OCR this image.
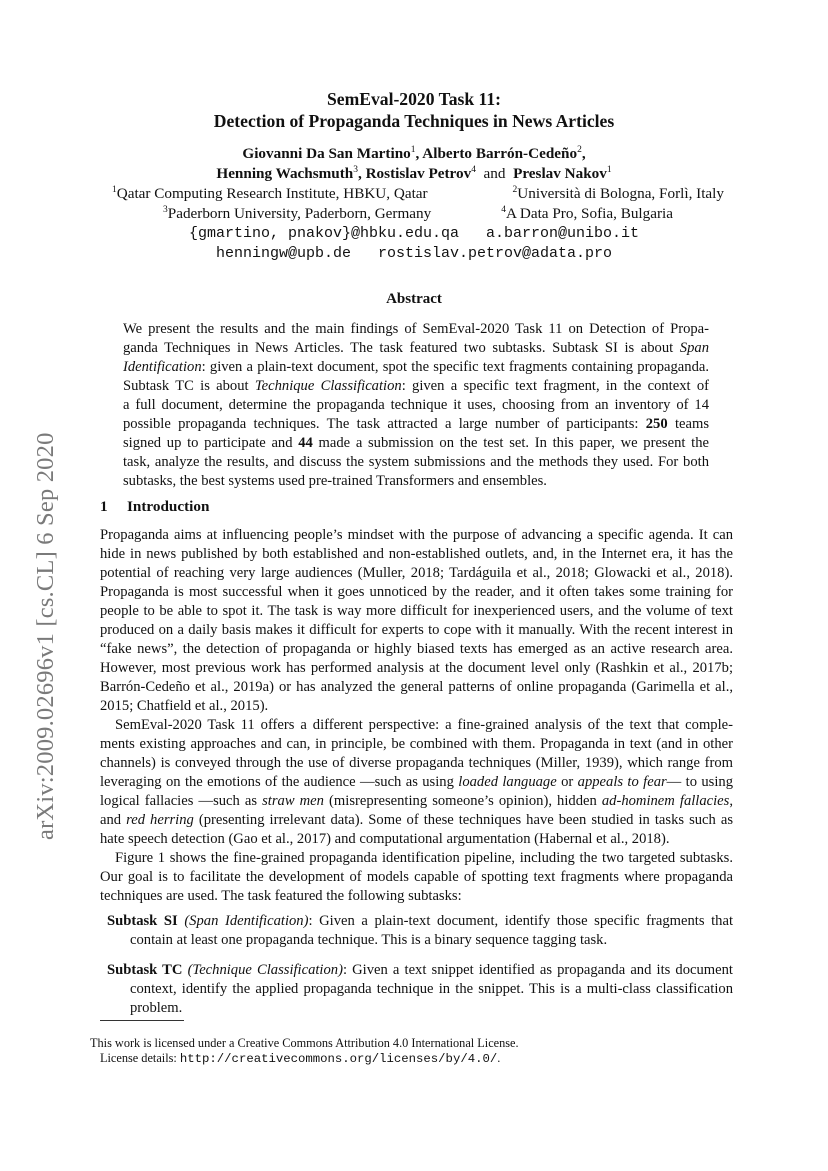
arXiv:2009.02696v1 [cs.CL] 6 Sep 2020
SemEval-2020 Task 11:
Detection of Propaganda Techniques in News Articles
Giovanni Da San Martino$^1$, Alberto Barrón-Cedeño$^2$,
Henning Wachsmuth$^3$, Rostislav Petrov$^4$ and Preslav Nakov$^1$
$^1$Qatar Computing Research Institute, HBKU, Qatar	$^2$Università di Bologna, Forlì, Italy
$^3$Paderborn University, Paderborn, Germany	$^4$A Data Pro, Sofia, Bulgaria
{gmartino, pnakov}@hbku.edu.qa   a.barron@unibo.it
henningw@upb.de   rostislav.petrov@adata.pro
Abstract
We present the results and the main findings of SemEval-2020 Task 11 on Detection of Propa-
ganda Techniques in News Articles. The task featured two subtasks. Subtask SI is about Span
Identification: given a plain-text document, spot the specific text fragments containing propaganda.
Subtask TC is about Technique Classification: given a specific text fragment, in the context of
a full document, determine the propaganda technique it uses, choosing from an inventory of 14
possible propaganda techniques. The task attracted a large number of participants: 250 teams
signed up to participate and 44 made a submission on the test set. In this paper, we present the
task, analyze the results, and discuss the system submissions and the methods they used. For both
subtasks, the best systems used pre-trained Transformers and ensembles.
1 Introduction
Propaganda aims at influencing people’s mindset with the purpose of advancing a specific agenda. It can
hide in news published by both established and non-established outlets, and, in the Internet era, it has the
potential of reaching very large audiences (Muller, 2018; Tardáguila et al., 2018; Glowacki et al., 2018).
Propaganda is most successful when it goes unnoticed by the reader, and it often takes some training for
people to be able to spot it. The task is way more difficult for inexperienced users, and the volume of text
produced on a daily basis makes it difficult for experts to cope with it manually. With the recent interest in
“fake news”, the detection of propaganda or highly biased texts has emerged as an active research area.
However, most previous work has performed analysis at the document level only (Rashkin et al., 2017b;
Barrón-Cedeño et al., 2019a) or has analyzed the general patterns of online propaganda (Garimella et al.,
2015; Chatfield et al., 2015).
SemEval-2020 Task 11 offers a different perspective: a fine-grained analysis of the text that comple-
ments existing approaches and can, in principle, be combined with them. Propaganda in text (and in other
channels) is conveyed through the use of diverse propaganda techniques (Miller, 1939), which range from
leveraging on the emotions of the audience —such as using loaded language or appeals to fear— to using
logical fallacies —such as straw men (misrepresenting someone’s opinion), hidden ad-hominem fallacies,
and red herring (presenting irrelevant data). Some of these techniques have been studied in tasks such as
hate speech detection (Gao et al., 2017) and computational argumentation (Habernal et al., 2018).
Figure 1 shows the fine-grained propaganda identification pipeline, including the two targeted subtasks.
Our goal is to facilitate the development of models capable of spotting text fragments where propaganda
techniques are used. The task featured the following subtasks:
Subtask SI (Span Identification): Given a plain-text document, identify those specific fragments that
contain at least one propaganda technique. This is a binary sequence tagging task.
Subtask TC (Technique Classification): Given a text snippet identified as propaganda and its document
context, identify the applied propaganda technique in the snippet. This is a multi-class classification
problem.
This work is licensed under a Creative Commons Attribution 4.0 International License.
License details: http://creativecommons.org/licenses/by/4.0/.
